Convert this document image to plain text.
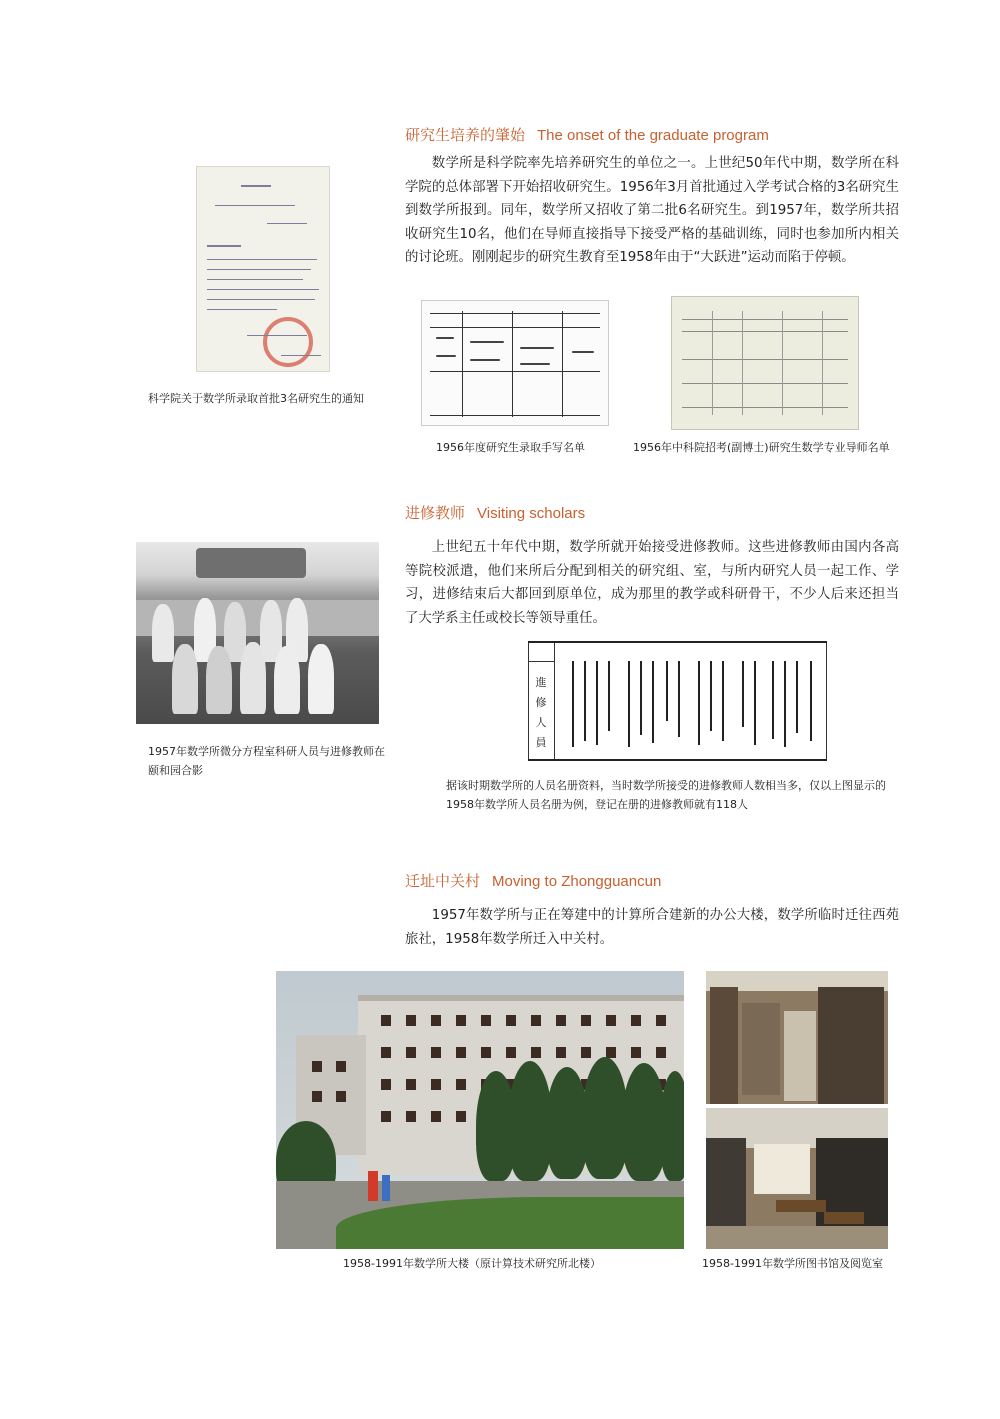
研究生培养的肇始 The onset of the graduate program

数学所是科学院率先培养研究生的单位之一。上世纪50年代中期，数学所在科学院的总体部署下开始招收研究生。1956年3月首批通过入学考试合格的3名研究生到数学所报到。同年，数学所又招收了第二批6名研究生。到1957年，数学所共招收研究生10名，他们在导师直接指导下接受严格的基础训练，同时也参加所内相关的讨论班。刚刚起步的研究生教育至1958年由于“大跃进”运动而陷于停顿。

科学院关于数学所录取首批3名研究生的通知
1956年度研究生录取手写名单	1956年中科院招考(副博士)研究生数学专业导师名单
进修教师 Visiting scholars

上世纪五十年代中期，数学所就开始接受进修教师。这些进修教师由国内各高等院校派遣，他们来所后分配到相关的研究组、室，与所内研究人员一起工作、学习，进修结束后大都回到原单位，成为那里的教学或科研骨干，不少人后来还担当了大学系主任或校长等领导重任。

1957年数学所微分方程室科研人员与进修教师在颐和园合影
進 修 人 員
据该时期数学所的人员名册资料，当时数学所接受的进修教师人数相当多，仅以上图显示的1958年数学所人员名册为例，登记在册的进修教师就有118人
迁址中关村 Moving to Zhongguancun

1957年数学所与正在筹建中的计算所合建新的办公大楼，数学所临时迁往西苑旅社，1958年数学所迁入中关村。

1958-1991年数学所大楼（原计算技术研究所北楼）	1958-1991年数学所图书馆及阅览室
